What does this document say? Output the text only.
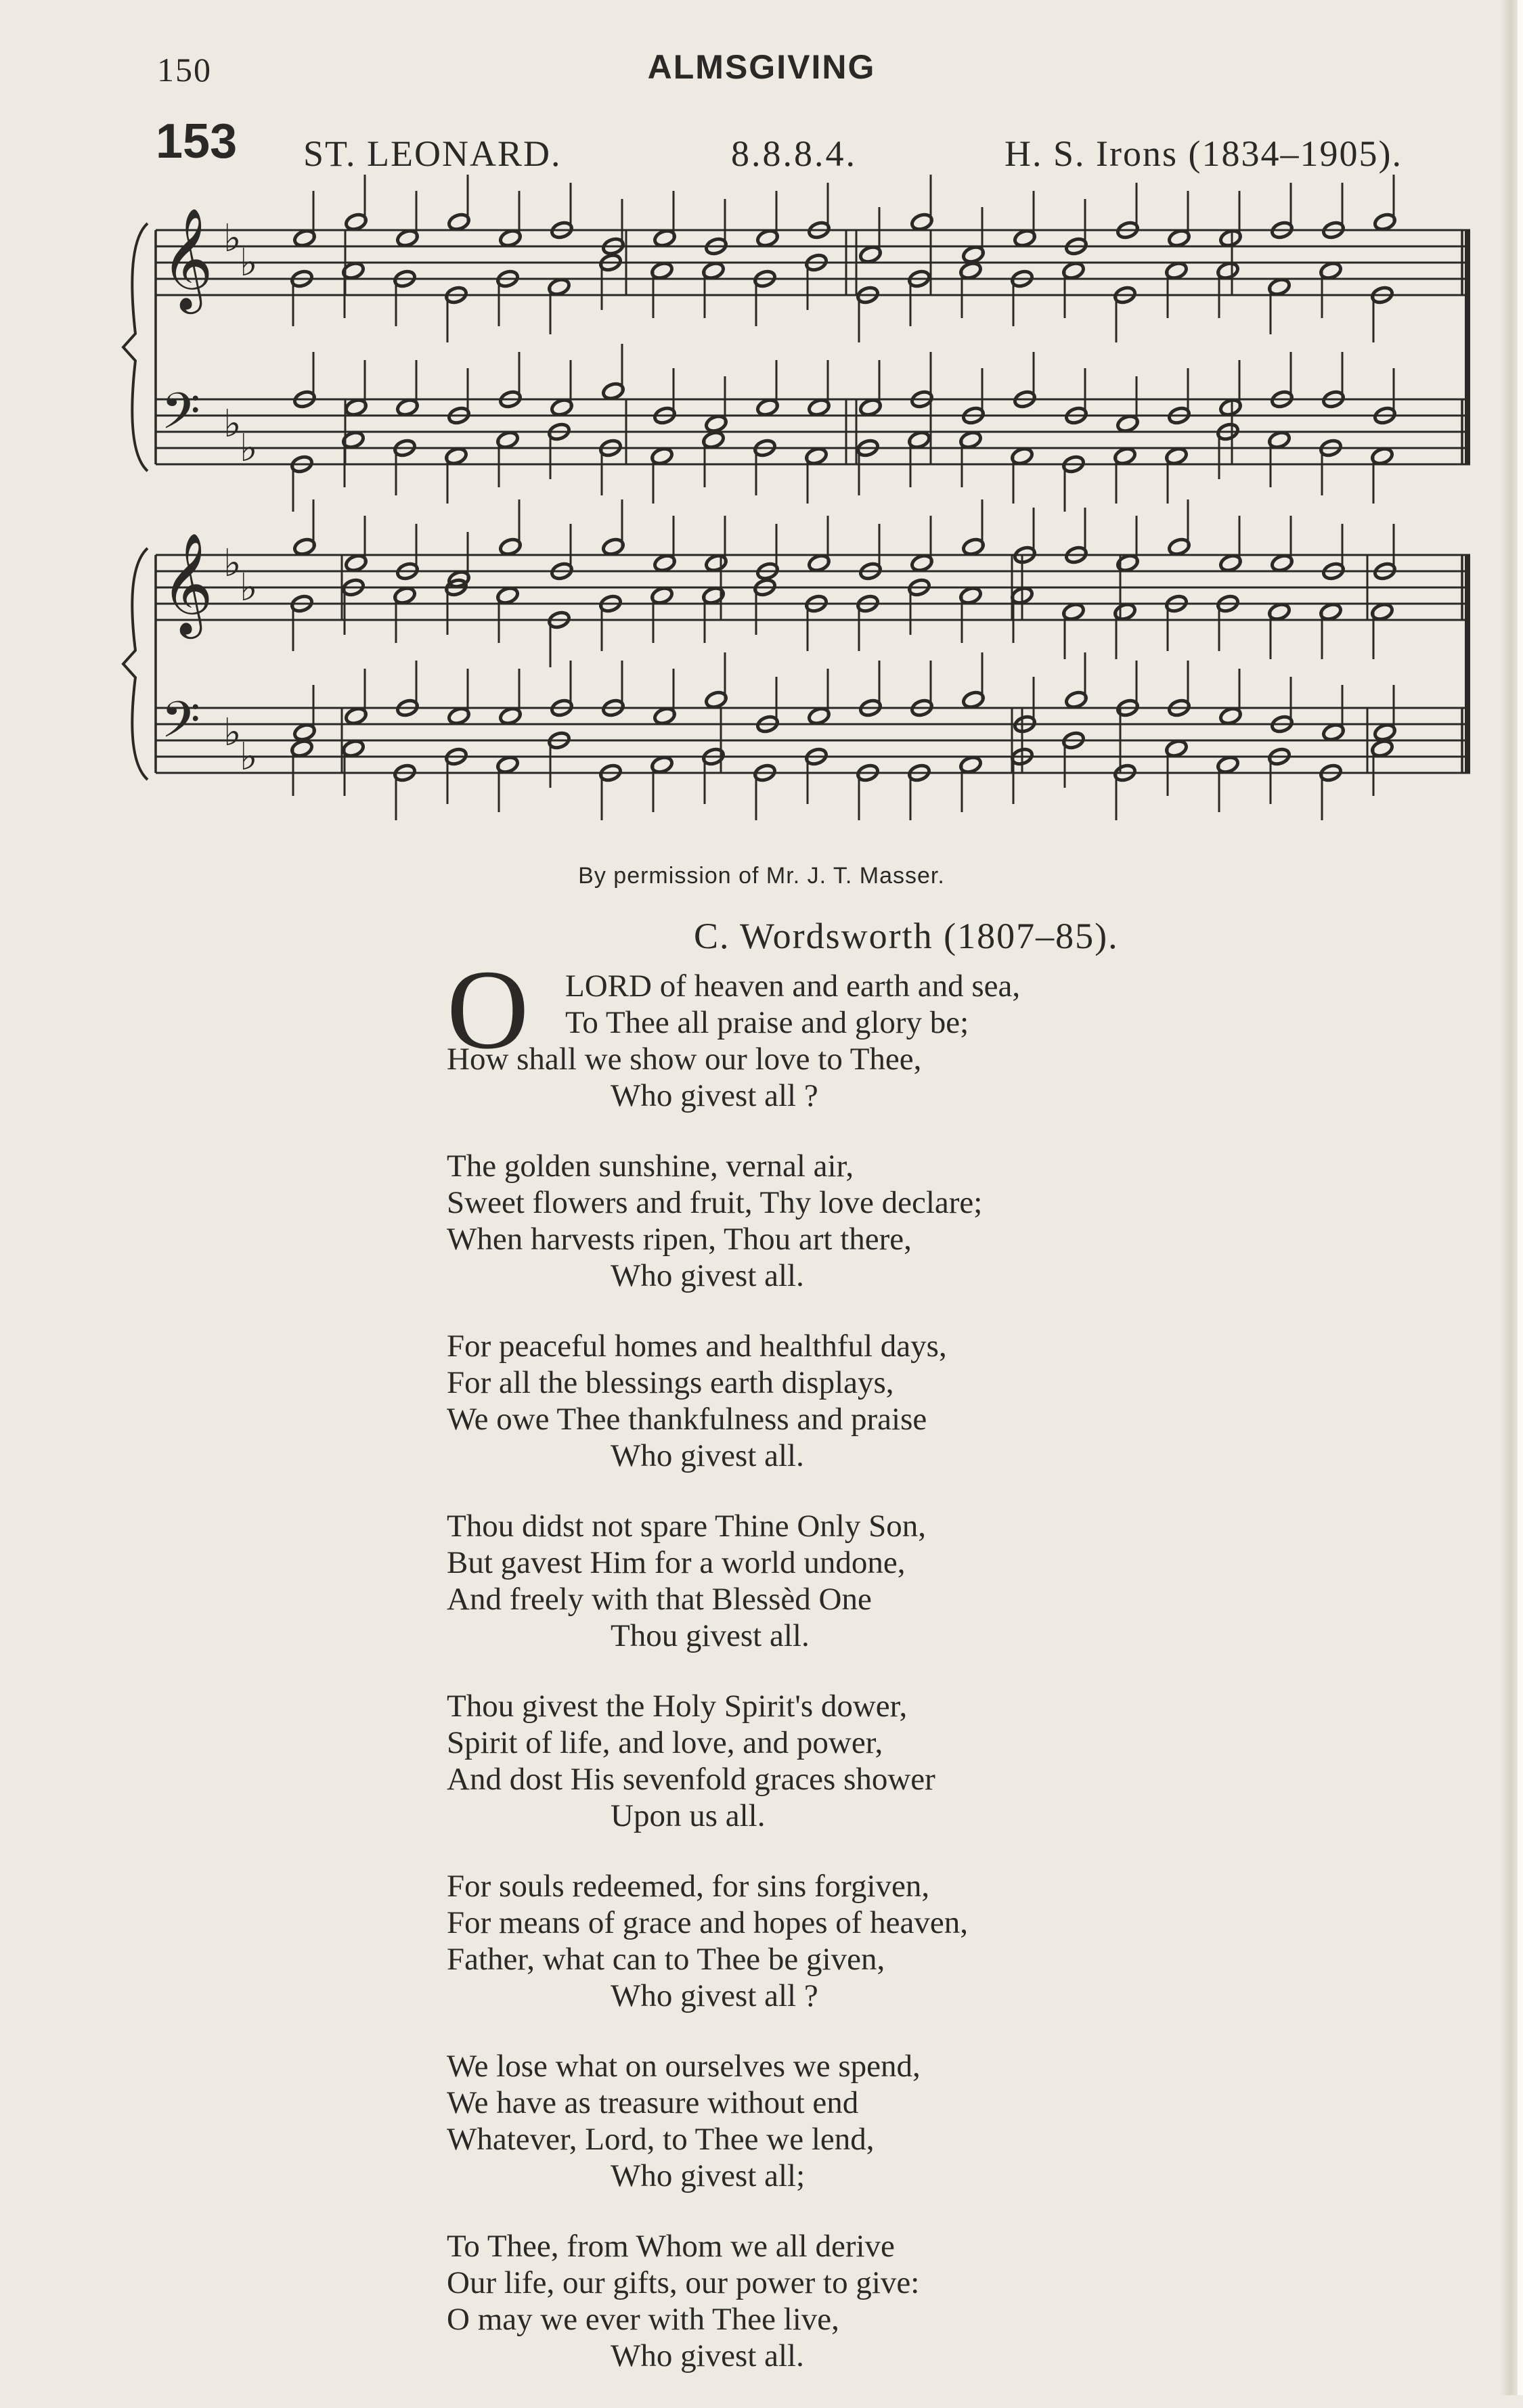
150	ALMSGIVING
153 ST. LEONARD.	8.8.8.4.	H. S. Irons (1834–1905).
𝄞 ♭
♭
𝄢 ♭
♭
𝄞 ♭
♭
𝄢 ♭
♭
By permission of Mr. J. T. Masser.
C. Wordsworth (1807–85).
O	LORD of heaven and earth and sea,
To Thee all praise and glory be;
How shall we show our love to Thee,
Who givest all ?
The golden sunshine, vernal air,
Sweet flowers and fruit, Thy love declare;
When harvests ripen, Thou art there,
Who givest all.
For peaceful homes and healthful days,
For all the blessings earth displays,
We owe Thee thankfulness and praise
Who givest all.
Thou didst not spare Thine Only Son,
But gavest Him for a world undone,
And freely with that Blessèd One
Thou givest all.
Thou givest the Holy Spirit's dower,
Spirit of life, and love, and power,
And dost His sevenfold graces shower
Upon us all.
For souls redeemed, for sins forgiven,
For means of grace and hopes of heaven,
Father, what can to Thee be given,
Who givest all ?
We lose what on ourselves we spend,
We have as treasure without end
Whatever, Lord, to Thee we lend,
Who givest all;
To Thee, from Whom we all derive
Our life, our gifts, our power to give:
O may we ever with Thee live,
Who givest all.
